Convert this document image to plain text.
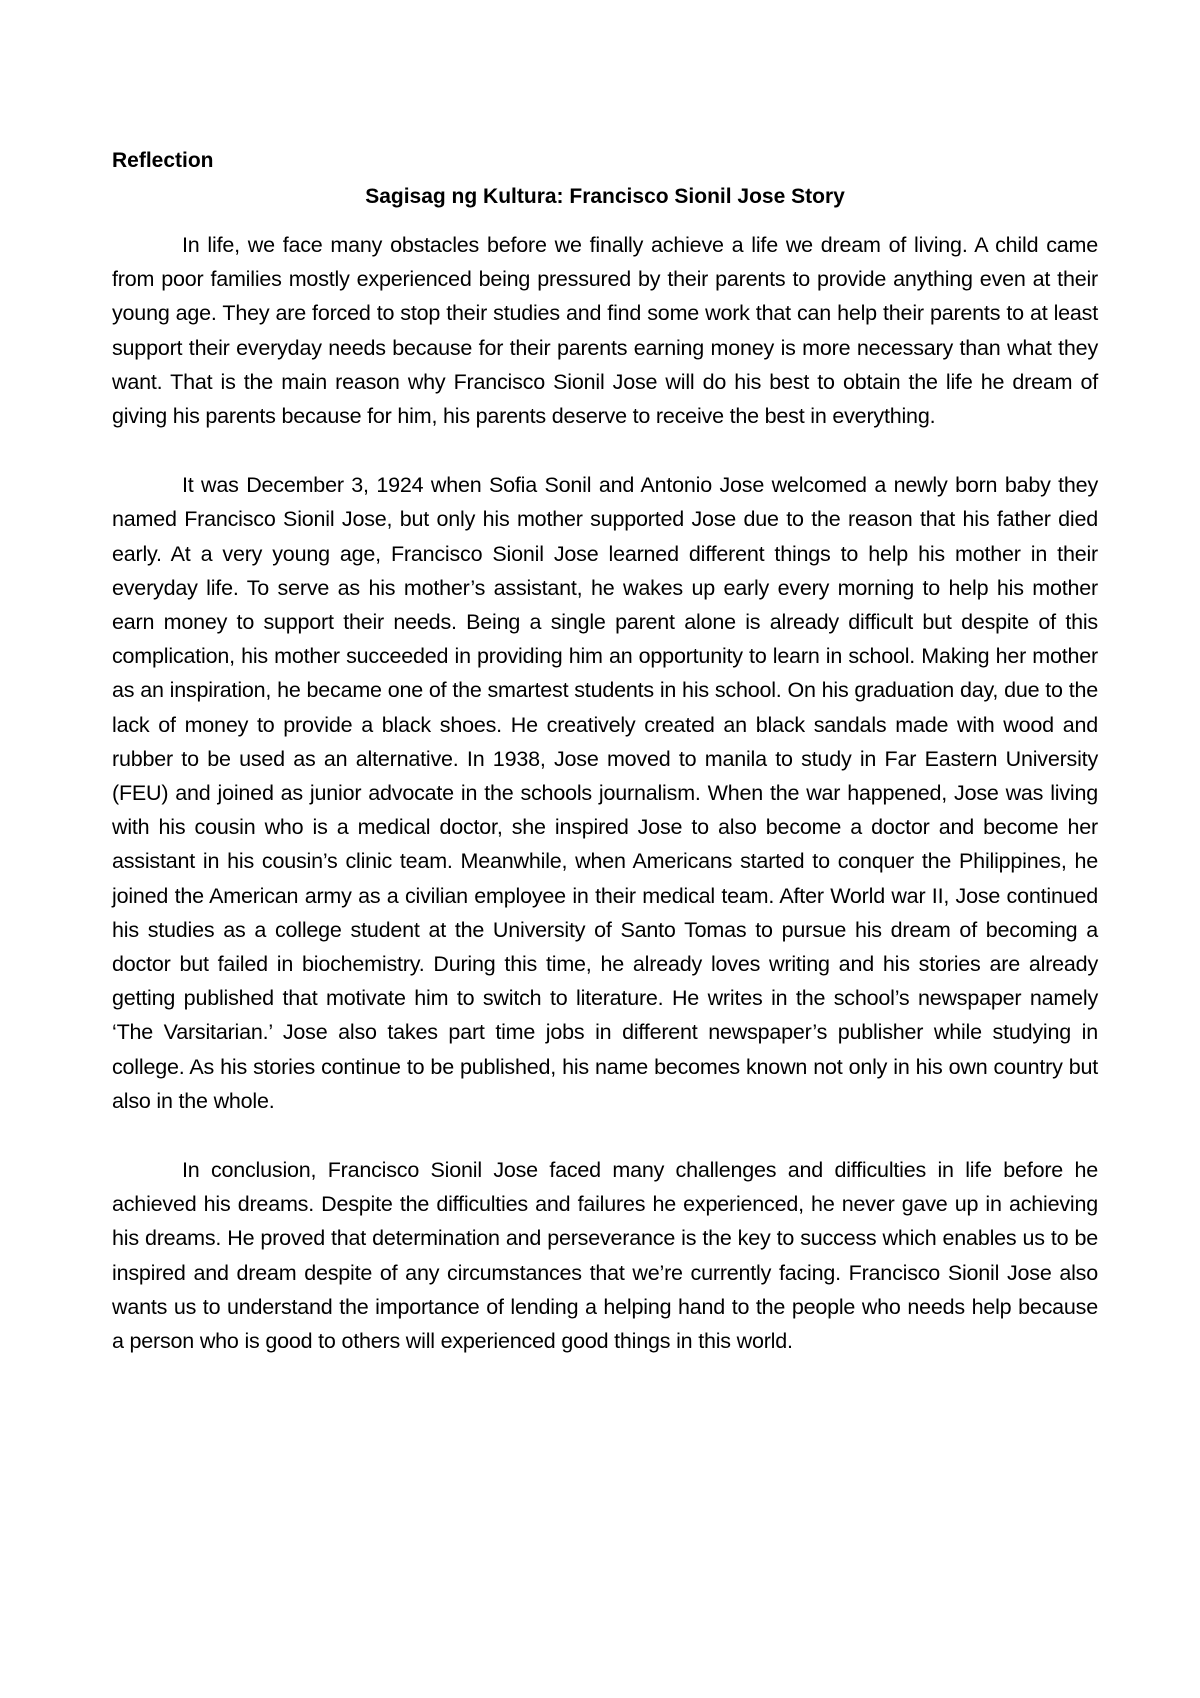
Reflection

Sagisag ng Kultura: Francisco Sionil Jose Story

In life, we face many obstacles before we finally achieve a life we dream of living. A child came from poor families mostly experienced being pressured by their parents to provide anything even at their young age. They are forced to stop their studies and find some work that can help their parents to at least support their everyday needs because for their parents earning money is more necessary than what they want. That is the main reason why Francisco Sionil Jose will do his best to obtain the life he dream of giving his parents because for him, his parents deserve to receive the best in everything.

It was December 3, 1924 when Sofia Sonil and Antonio Jose welcomed a newly born baby they named Francisco Sionil Jose, but only his mother supported Jose due to the reason that his father died early. At a very young age, Francisco Sionil Jose learned different things to help his mother in their everyday life. To serve as his mother’s assistant, he wakes up early every morning to help his mother earn money to support their needs. Being a single parent alone is already difficult but despite of this complication, his mother succeeded in providing him an opportunity to learn in school. Making her mother as an inspiration, he became one of the smartest students in his school. On his graduation day, due to the lack of money to provide a black shoes. He creatively created an black sandals made with wood and rubber to be used as an alternative. In 1938, Jose moved to manila to study in Far Eastern University (FEU) and joined as junior advocate in the schools journalism. When the war happened, Jose was living with his cousin who is a medical doctor, she inspired Jose to also become a doctor and become her assistant in his cousin’s clinic team. Meanwhile, when Americans started to conquer the Philippines, he joined the American army as a civilian employee in their medical team. After World war II, Jose continued his studies as a college student at the University of Santo Tomas to pursue his dream of becoming a doctor but failed in biochemistry. During this time, he already loves writing and his stories are already getting published that motivate him to switch to literature. He writes in the school’s newspaper namely ‘The Varsitarian.’ Jose also takes part time jobs in different newspaper’s publisher while studying in college. As his stories continue to be published, his name becomes known not only in his own country but also in the whole.

In conclusion, Francisco Sionil Jose faced many challenges and difficulties in life before he achieved his dreams. Despite the difficulties and failures he experienced, he never gave up in achieving his dreams. He proved that determination and perseverance is the key to success which enables us to be inspired and dream despite of any circumstances that we’re currently facing. Francisco Sionil Jose also wants us to understand the importance of lending a helping hand to the people who needs help because a person who is good to others will experienced good things in this world.
